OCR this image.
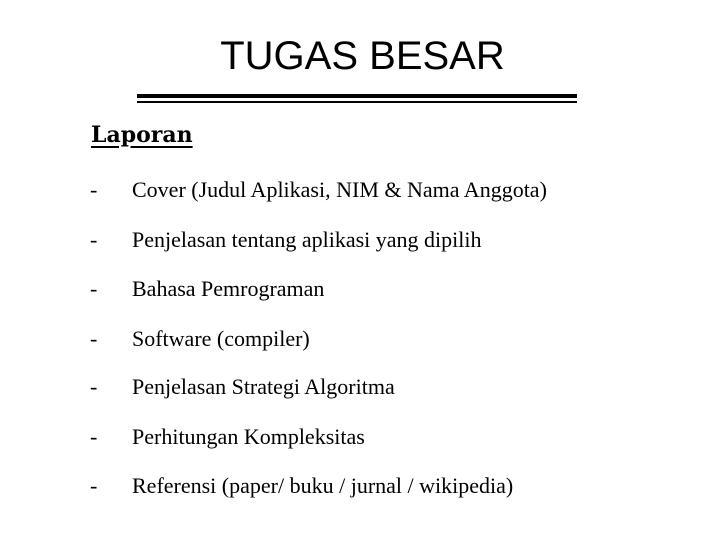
TUGAS BESAR
Laporan
- Cover (Judul Aplikasi, NIM & Nama Anggota)
- Penjelasan tentang aplikasi yang dipilih
- Bahasa Pemrograman
- Software (compiler)
- Penjelasan Strategi Algoritma
- Perhitungan Kompleksitas
- Referensi (paper/ buku / jurnal / wikipedia)
